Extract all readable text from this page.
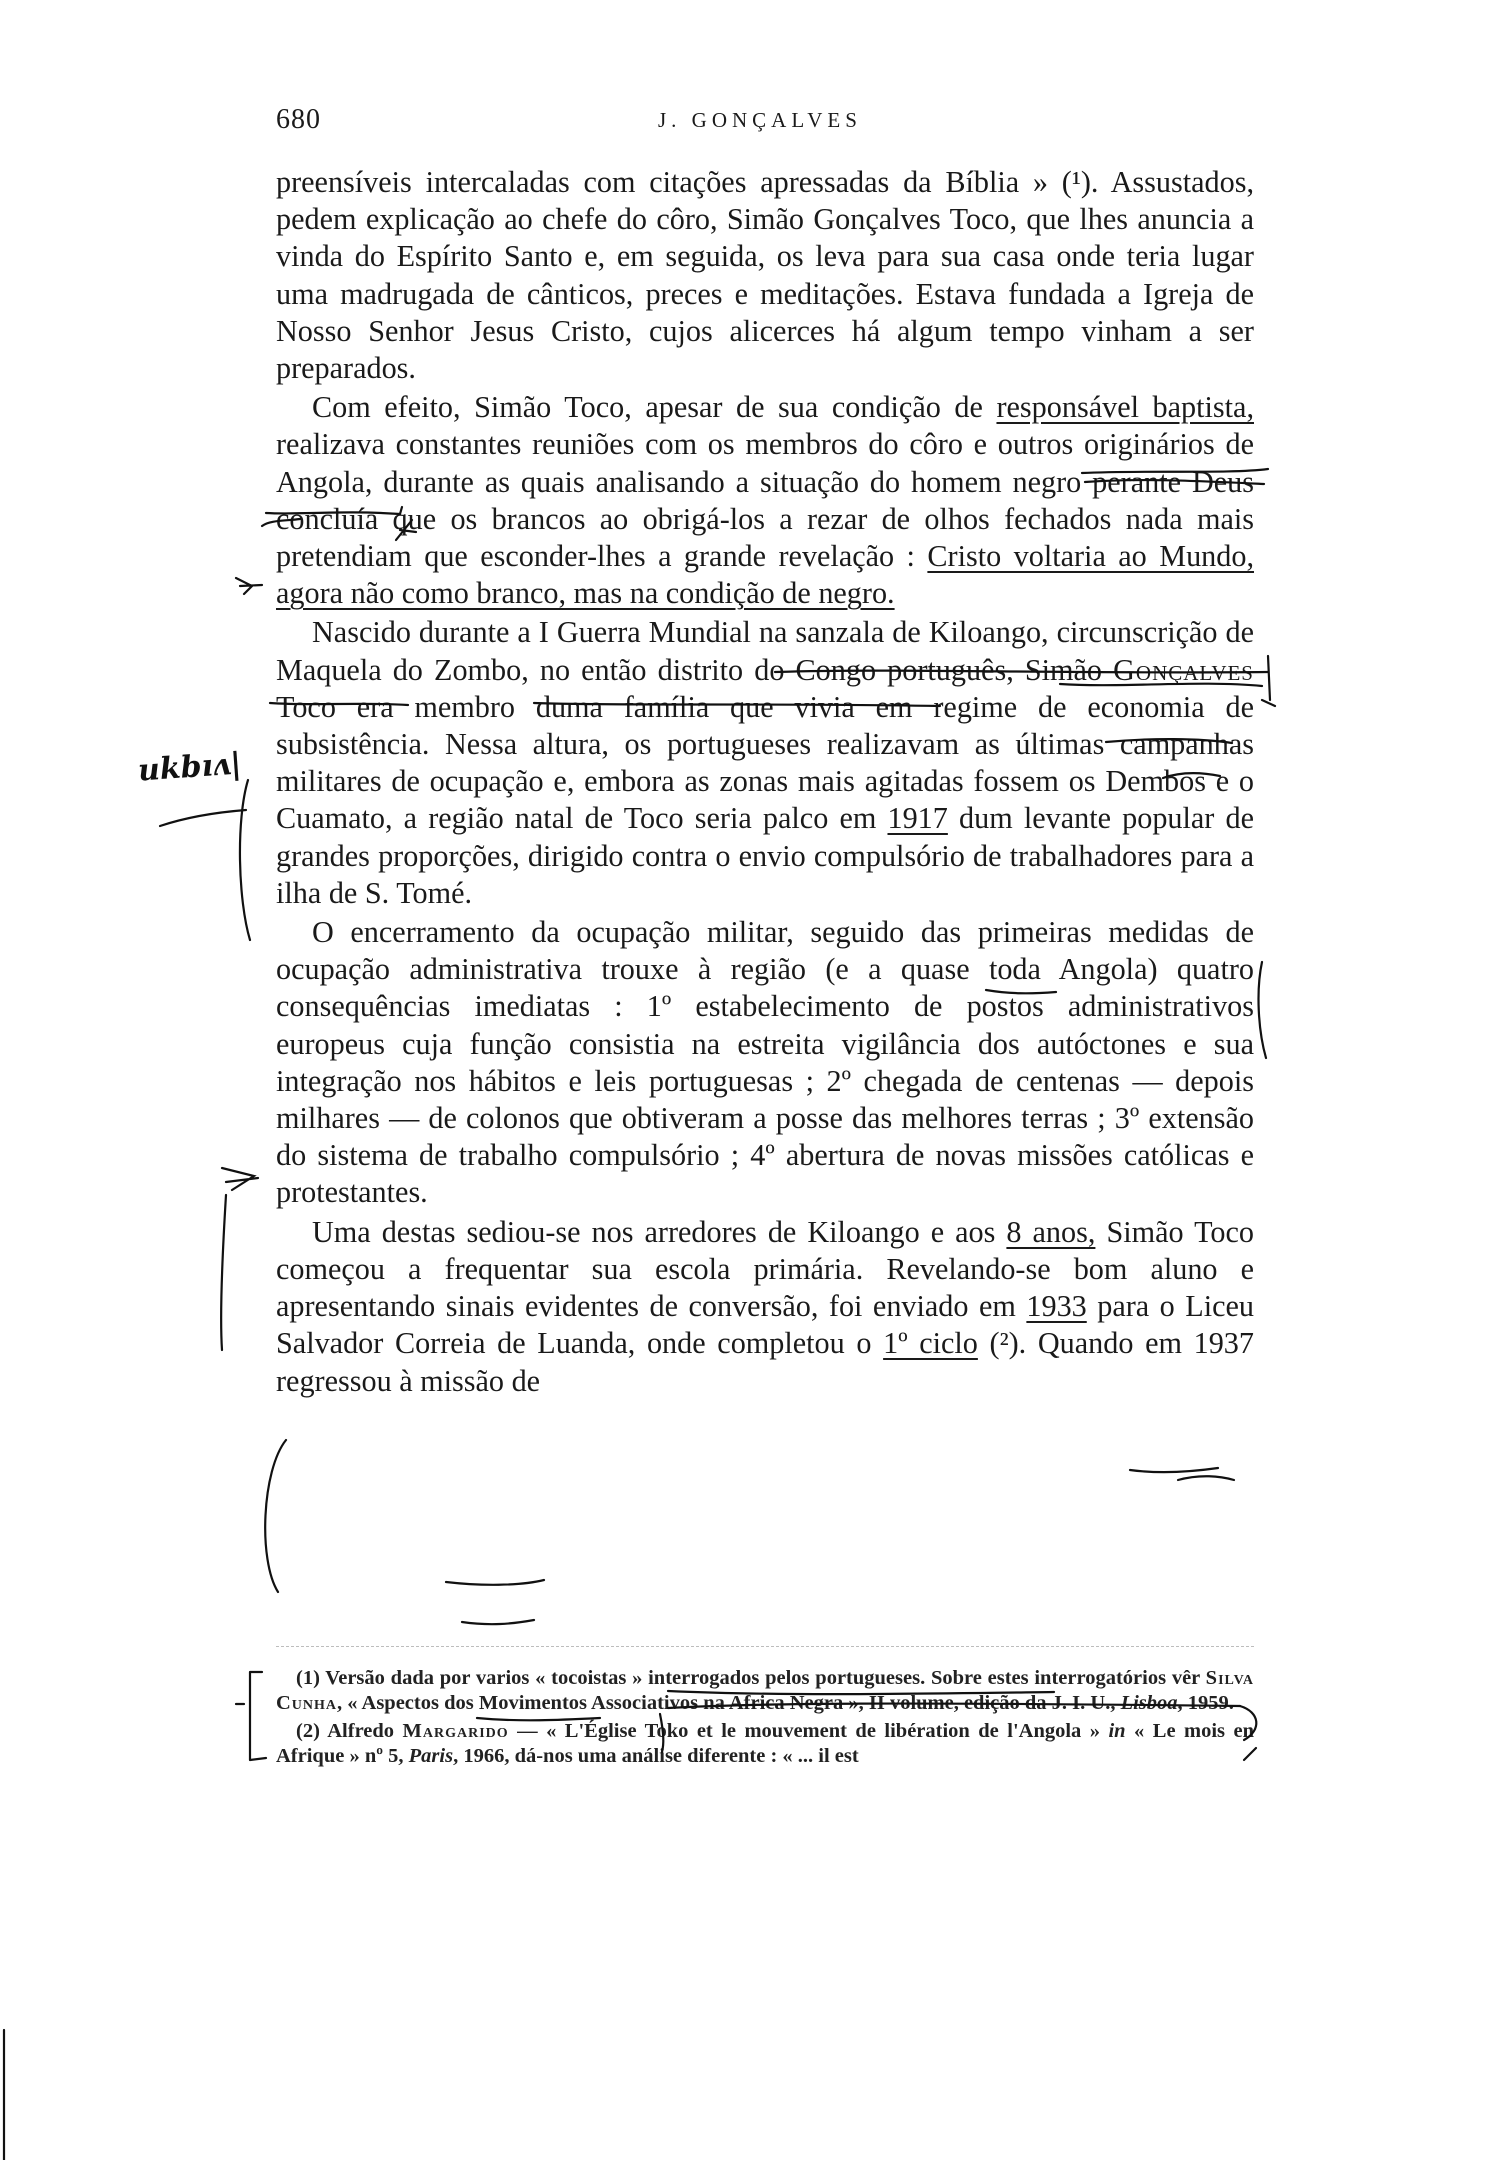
680	J. GONÇALVES

preensíveis intercaladas com citações apressadas da Bíblia » (¹). Assustados, pedem explicação ao chefe do côro, Simão Gonçalves Toco, que lhes anuncia a vinda do Espírito Santo e, em seguida, os leva para sua casa onde teria lugar uma madrugada de cânticos, preces e meditações. Estava fundada a Igreja de Nosso Senhor Jesus Cristo, cujos alicerces há algum tempo vinham a ser preparados.

Com efeito, Simão Toco, apesar de sua condição de responsável baptista, realizava constantes reuniões com os membros do côro e outros originários de Angola, durante as quais analisando a situação do homem negro perante Deus concluía que os brancos ao obrigá-los a rezar de olhos fechados nada mais pretendiam que esconder-lhes a grande revelação : Cristo voltaria ao Mundo, agora não como branco, mas na condição de negro.

Nascido durante a I Guerra Mundial na sanzala de Kiloango, circunscrição de Maquela do Zombo, no então distrito do Congo português, Simão Gonçalves Toco era membro duma família que vivia em regime de economia de subsistência. Nessa altura, os portugueses realizavam as últimas campanhas militares de ocupação e, embora as zonas mais agitadas fossem os Dembos e o Cuamato, a região natal de Toco seria palco em 1917 dum levante popular de grandes proporções, dirigido contra o envio compulsório de trabalhadores para a ilha de S. Tomé.

O encerramento da ocupação militar, seguido das primeiras medidas de ocupação administrativa trouxe à região (e a quase toda Angola) quatro consequências imediatas : 1º estabelecimento de postos administrativos europeus cuja função consistia na estreita vigilância dos autóctones e sua integração nos hábitos e leis portuguesas ; 2º chegada de centenas — depois milhares — de colonos que obtiveram a posse das melhores terras ; 3º extensão do sistema de trabalho compulsório ; 4º abertura de novas missões católicas e protestantes.

Uma destas sediou-se nos arredores de Kiloango e aos 8 anos, Simão Toco começou a frequentar sua escola primária. Revelando-se bom aluno e apresentando sinais evidentes de conversão, foi enviado em 1933 para o Liceu Salvador Correia de Luanda, onde completou o 1º ciclo (²). Quando em 1937 regressou à missão de

(1) Versão dada por varios « tocoistas » interrogados pelos portugueses. Sobre estes interrogatórios vêr Silva Cunha, « Aspectos dos Movimentos Associativos na Africa Negra », II volume, edição da J. I. U., Lisboa, 1959.

(2) Alfredo Margarido — « L'Église Toko et le mouvement de libération de l'Angola » in « Le mois en Afrique » nº 5, Paris, 1966, dá-nos uma análise diferente : « ... il est

ukbıʌ|
